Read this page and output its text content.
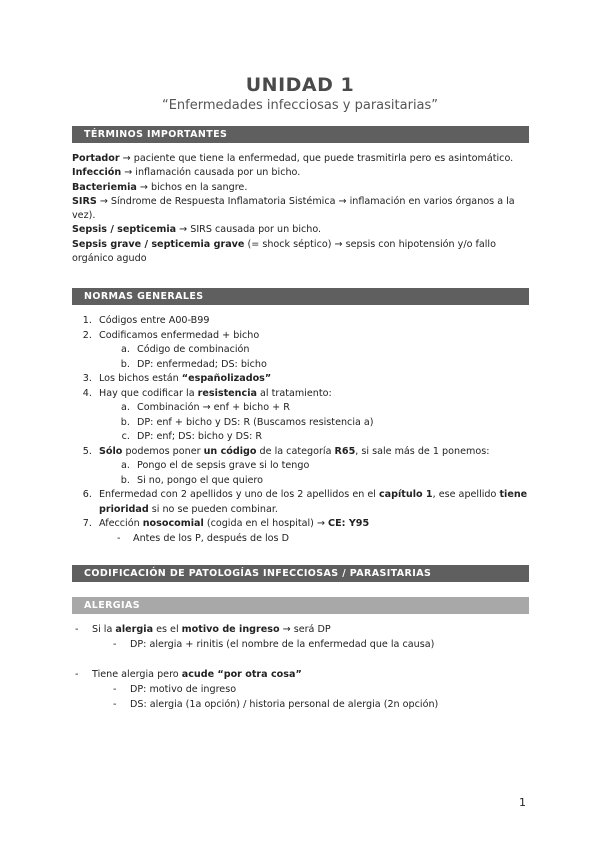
UNIDAD 1
“Enfermedades infecciosas y parasitarias”
TÉRMINOS IMPORTANTES

Portador → paciente que tiene la enfermedad, que puede trasmitirla pero es asintomático.

Infección → inflamación causada por un bicho.

Bacteriemia → bichos en la sangre.

SIRS → Síndrome de Respuesta Inflamatoria Sistémica → inflamación en varios órganos a la vez).

Sepsis / septicemia → SIRS causada por un bicho.

Sepsis grave / septicemia grave (= shock séptico) → sepsis con hipotensión y/o fallo orgánico agudo

NORMAS GENERALES
1. Códigos entre A00-B99
2. Codificamos enfermedad + bicho
a. Código de combinación
b. DP: enfermedad; DS: bicho
3. Los bichos están “españolizados”
4. Hay que codificar la resistencia al tratamiento:
a. Combinación → enf + bicho + R
b. DP: enf + bicho y DS: R (Buscamos resistencia a)
c. DP: enf; DS: bicho y DS: R
5. Sólo podemos poner un código de la categoría R65, si sale más de 1 ponemos:
a. Pongo el de sepsis grave si lo tengo
b. Si no, pongo el que quiero
6. Enfermedad con 2 apellidos y uno de los 2 apellidos en el capítulo 1, ese apellido tiene prioridad si no se pueden combinar.
7. Afección nosocomial (cogida en el hospital) → CE: Y95
- Antes de los P, después de los D
CODIFICACIÓN DE PATOLOGÍAS INFECCIOSAS / PARASITARIAS
ALERGIAS
- Si la alergia es el motivo de ingreso → será DP
- DP: alergia + rinitis (el nombre de la enfermedad que la causa)
- Tiene alergia pero acude “por otra cosa”
- DP: motivo de ingreso
- DS: alergia (1a opción) / historia personal de alergia (2n opción)
1
